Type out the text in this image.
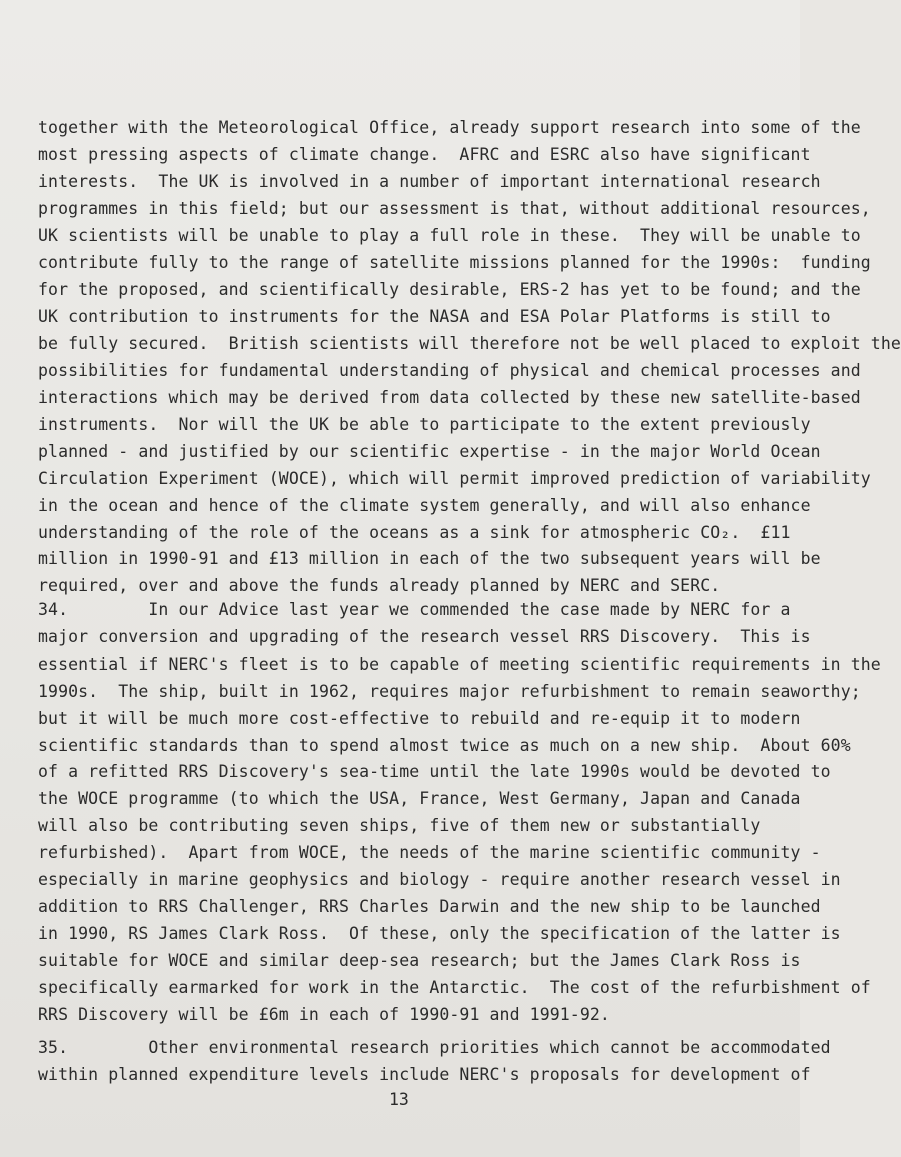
13
together with the Meteorological Office, already support research into some of the
most pressing aspects of climate change.  AFRC and ESRC also have significant
interests.  The UK is involved in a number of important international research
programmes in this field; but our assessment is that, without additional resources,
UK scientists will be unable to play a full role in these.  They will be unable to
contribute fully to the range of satellite missions planned for the 1990s:  funding
for the proposed, and scientifically desirable, ERS-2 has yet to be found; and the
UK contribution to instruments for the NASA and ESA Polar Platforms is still to
be fully secured.  British scientists will therefore not be well placed to exploit the
possibilities for fundamental understanding of physical and chemical processes and
interactions which may be derived from data collected by these new satellite-based
instruments.  Nor will the UK be able to participate to the extent previously
planned - and justified by our scientific expertise - in the major World Ocean
Circulation Experiment (WOCE), which will permit improved prediction of variability
in the ocean and hence of the climate system generally, and will also enhance
understanding of the role of the oceans as a sink for atmospheric CO₂.  £11
million in 1990-91 and £13 million in each of the two subsequent years will be
required, over and above the funds already planned by NERC and SERC.
34.        In our Advice last year we commended the case made by NERC for a
major conversion and upgrading of the research vessel RRS Discovery.  This is
essential if NERC's fleet is to be capable of meeting scientific requirements in the
1990s.  The ship, built in 1962, requires major refurbishment to remain seaworthy;
but it will be much more cost-effective to rebuild and re-equip it to modern
scientific standards than to spend almost twice as much on a new ship.  About 60%
of a refitted RRS Discovery's sea-time until the late 1990s would be devoted to
the WOCE programme (to which the USA, France, West Germany, Japan and Canada
will also be contributing seven ships, five of them new or substantially
refurbished).  Apart from WOCE, the needs of the marine scientific community -
especially in marine geophysics and biology - require another research vessel in
addition to RRS Challenger, RRS Charles Darwin and the new ship to be launched
in 1990, RS James Clark Ross.  Of these, only the specification of the latter is
suitable for WOCE and similar deep-sea research; but the James Clark Ross is
specifically earmarked for work in the Antarctic.  The cost of the refurbishment of
RRS Discovery will be £6m in each of 1990-91 and 1991-92.
35.        Other environmental research priorities which cannot be accommodated
within planned expenditure levels include NERC's proposals for development of
